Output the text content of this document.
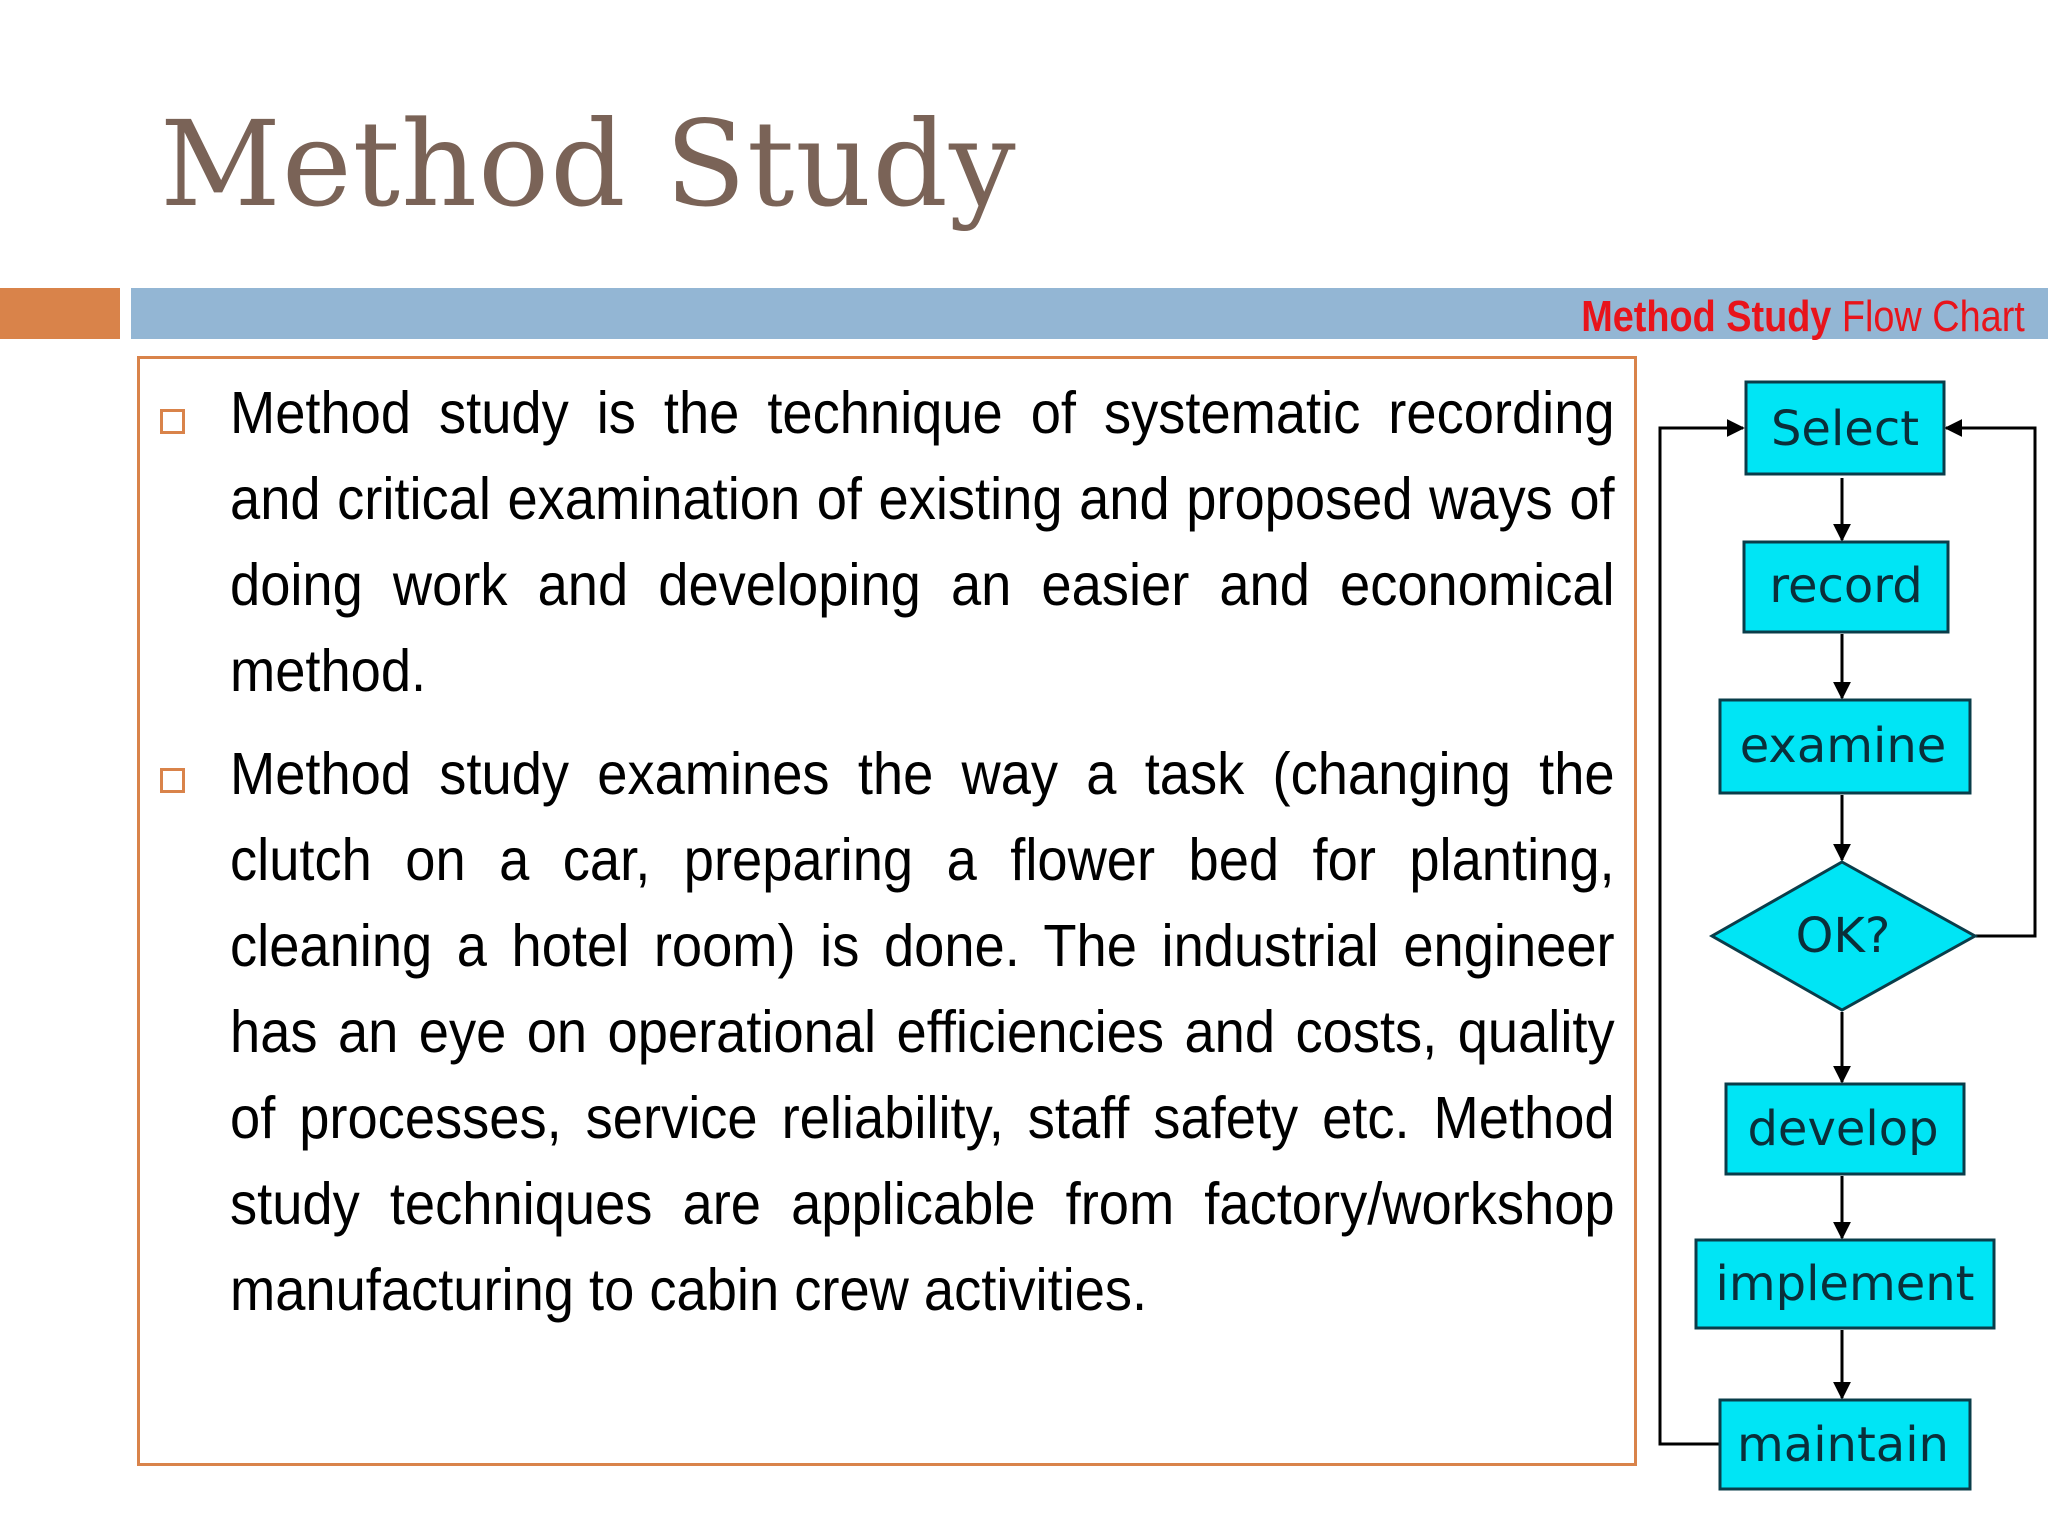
Method Study
Method Study Flow Chart

Method study is the technique of systematic recording and critical examination of existing and proposed ways of doing work and developing an easier and economical method.

Method study examines the way a task (changing the clutch on a car, preparing a flower bed for planting, cleaning a hotel room) is done. The industrial engineer has an eye on operational efficiencies and costs, quality of processes, service reliability, staff safety etc. Method study techniques are applicable from factory/workshop manufacturing to cabin crew activities.

Select
record
examine
OK?
develop
implement
maintain
